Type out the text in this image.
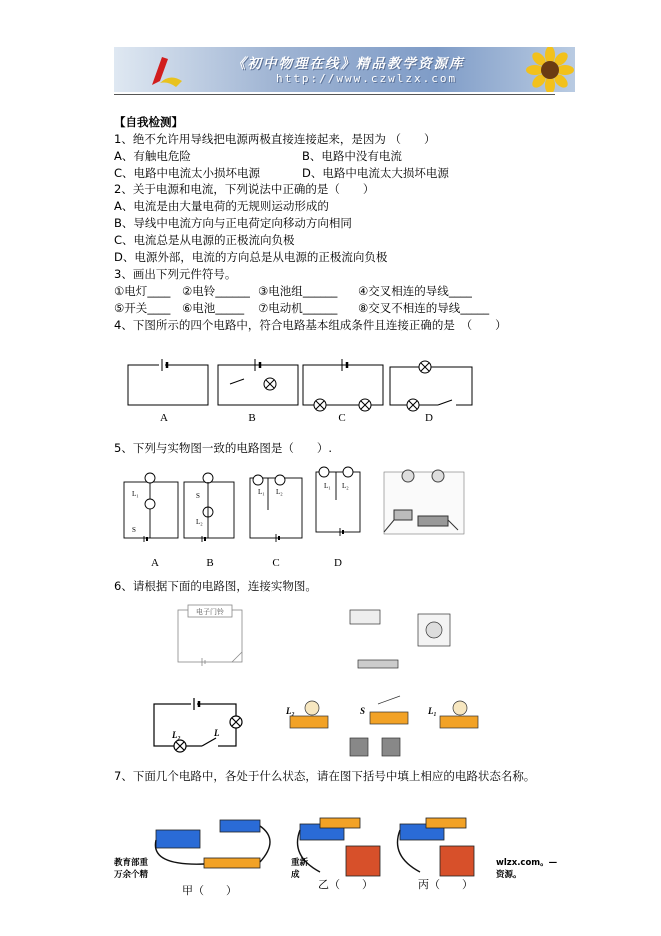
《初中物理在线》精品教学资源库
http://www.czwlzx.com
【自我检测】
1、绝不允许用导线把电源两极直接连接起来，是因为 （　　）
A、有触电危险	B、电路中没有电流
C、电路中电流太小损坏电源	D、电路中电流太大损坏电源
2、关于电源和电流，下列说法中正确的是（　　）
A、电流是由大量电荷的无规则运动形成的
B、导线中电流方向与正电荷定向移动方向相同
C、电流总是从电源的正极流向负极
D、电源外部，电流的方向总是从电源的正极流向负极
3、画出下列元件符号。
①电灯____ ②电铃______ ③电池组______ ④交叉相连的导线____
⑤开关____ ⑥电池_____ ⑦电动机______ ⑧交叉不相连的导线_____
4、下图所示的四个电路中，符合电路基本组成条件且连接正确的是　（　　）
A	B	C	D
5、下列与实物图一致的电路图是（　　）.
L₁
S
S
L₂
L₁ L₂
L₁ L₂
A	B	C	D
6、请根据下面的电路图，连接实物图。
电子门铃
L₂	L
L₂	S	L₁
7、下面几个电路中，各处于什么状态，请在图下括号中填上相应的电路状态名称。
甲（　　）	乙（　　）	丙（　　）
教育部重
万余个精
重新
成
wlzx.com。—
资源。
